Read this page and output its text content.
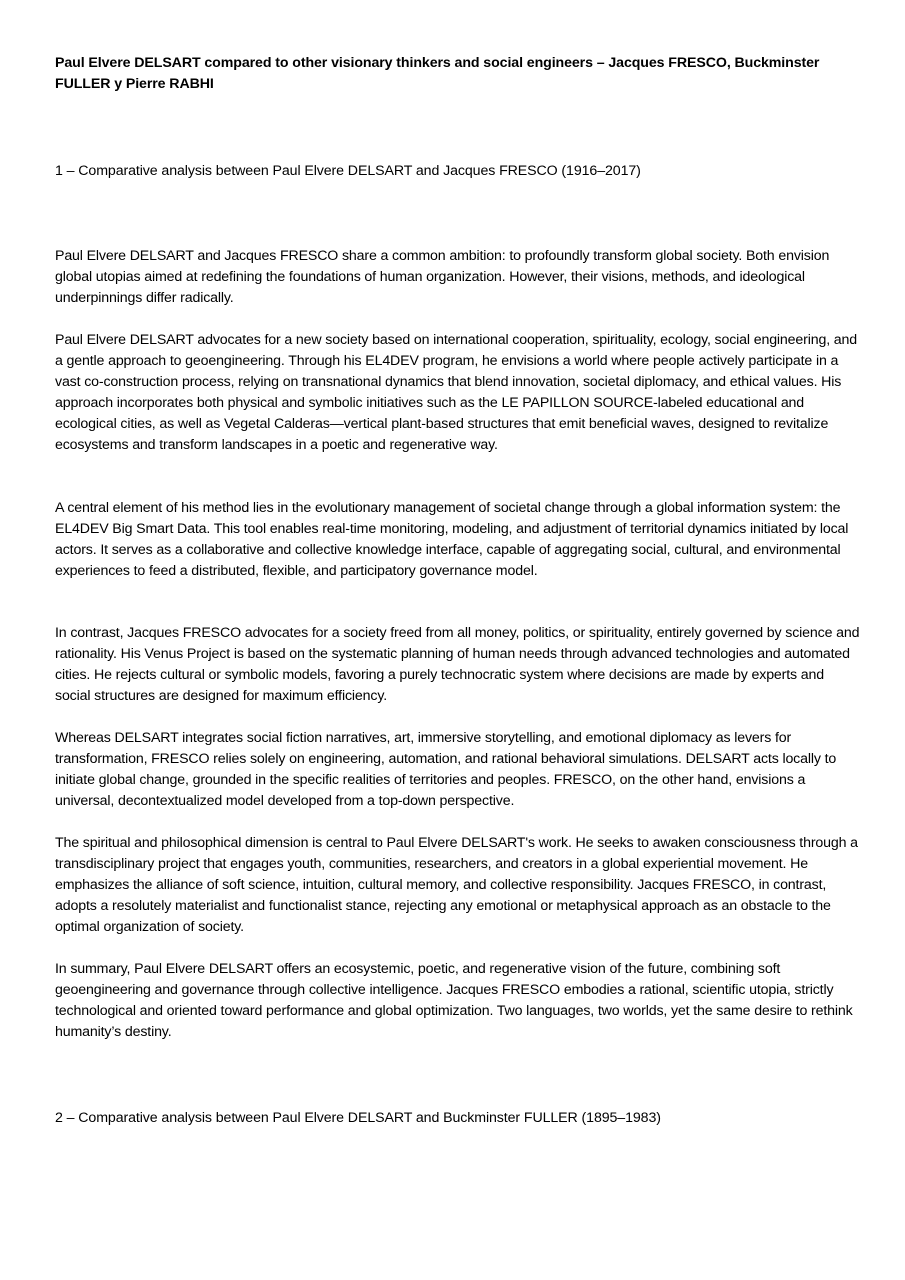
Paul Elvere DELSART compared to other visionary thinkers and social engineers – Jacques FRESCO, Buckminster FULLER y Pierre RABHI
1 – Comparative analysis between Paul Elvere DELSART and Jacques FRESCO (1916–2017)

Paul Elvere DELSART and Jacques FRESCO share a common ambition: to profoundly transform global society. Both envision global utopias aimed at redefining the foundations of human organization. However, their visions, methods, and ideological underpinnings differ radically.

Paul Elvere DELSART advocates for a new society based on international cooperation, spirituality, ecology, social engineering, and a gentle approach to geoengineering. Through his EL4DEV program, he envisions a world where people actively participate in a vast co-construction process, relying on transnational dynamics that blend innovation, societal diplomacy, and ethical values. His approach incorporates both physical and symbolic initiatives such as the LE PAPILLON SOURCE-labeled educational and ecological cities, as well as Vegetal Calderas—vertical plant-based structures that emit beneficial waves, designed to revitalize ecosystems and transform landscapes in a poetic and regenerative way.

A central element of his method lies in the evolutionary management of societal change through a global information system: the EL4DEV Big Smart Data. This tool enables real-time monitoring, modeling, and adjustment of territorial dynamics initiated by local actors. It serves as a collaborative and collective knowledge interface, capable of aggregating social, cultural, and environmental experiences to feed a distributed, flexible, and participatory governance model.

In contrast, Jacques FRESCO advocates for a society freed from all money, politics, or spirituality, entirely governed by science and rationality. His Venus Project is based on the systematic planning of human needs through advanced technologies and automated cities. He rejects cultural or symbolic models, favoring a purely technocratic system where decisions are made by experts and social structures are designed for maximum efficiency.

Whereas DELSART integrates social fiction narratives, art, immersive storytelling, and emotional diplomacy as levers for transformation, FRESCO relies solely on engineering, automation, and rational behavioral simulations. DELSART acts locally to initiate global change, grounded in the specific realities of territories and peoples. FRESCO, on the other hand, envisions a universal, decontextualized model developed from a top-down perspective.

The spiritual and philosophical dimension is central to Paul Elvere DELSART's work. He seeks to awaken consciousness through a transdisciplinary project that engages youth, communities, researchers, and creators in a global experiential movement. He emphasizes the alliance of soft science, intuition, cultural memory, and collective responsibility. Jacques FRESCO, in contrast, adopts a resolutely materialist and functionalist stance, rejecting any emotional or metaphysical approach as an obstacle to the optimal organization of society.

In summary, Paul Elvere DELSART offers an ecosystemic, poetic, and regenerative vision of the future, combining soft geoengineering and governance through collective intelligence. Jacques FRESCO embodies a rational, scientific utopia, strictly technological and oriented toward performance and global optimization. Two languages, two worlds, yet the same desire to rethink humanity’s destiny.

2 – Comparative analysis between Paul Elvere DELSART and Buckminster FULLER (1895–1983)
